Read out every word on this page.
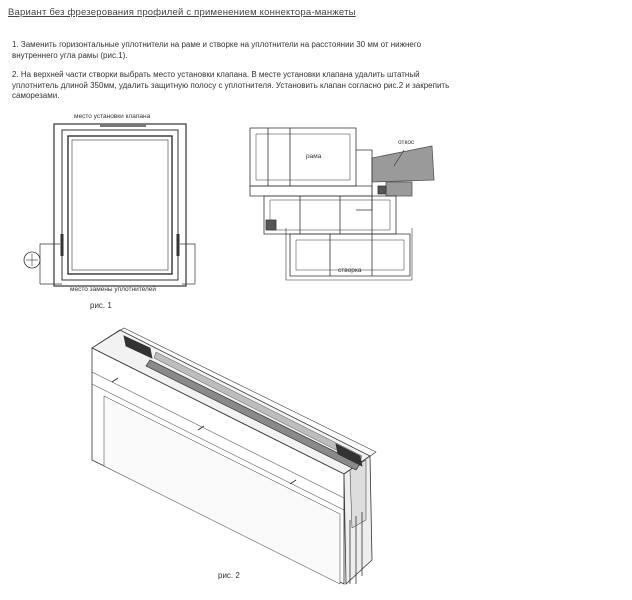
Вариант без фрезерования профилей с применением коннектора-манжеты
1. Заменить горизонтальные уплотнители на раме и створке на уплотнители на расстоянии 30 мм от нижнего внутреннего угла рамы (рис.1).
2. На верхней части створки выбрать место установки клапана. В месте установки клапана удалить штатный уплотнитель длиной 350мм, удалить защитную полосу с уплотнителя. Установить клапан согласно рис.2 и закрепить саморезами.
место установки клапана
место замены уплотнителей
рис. 1
рама
откос
створка
рис. 2
